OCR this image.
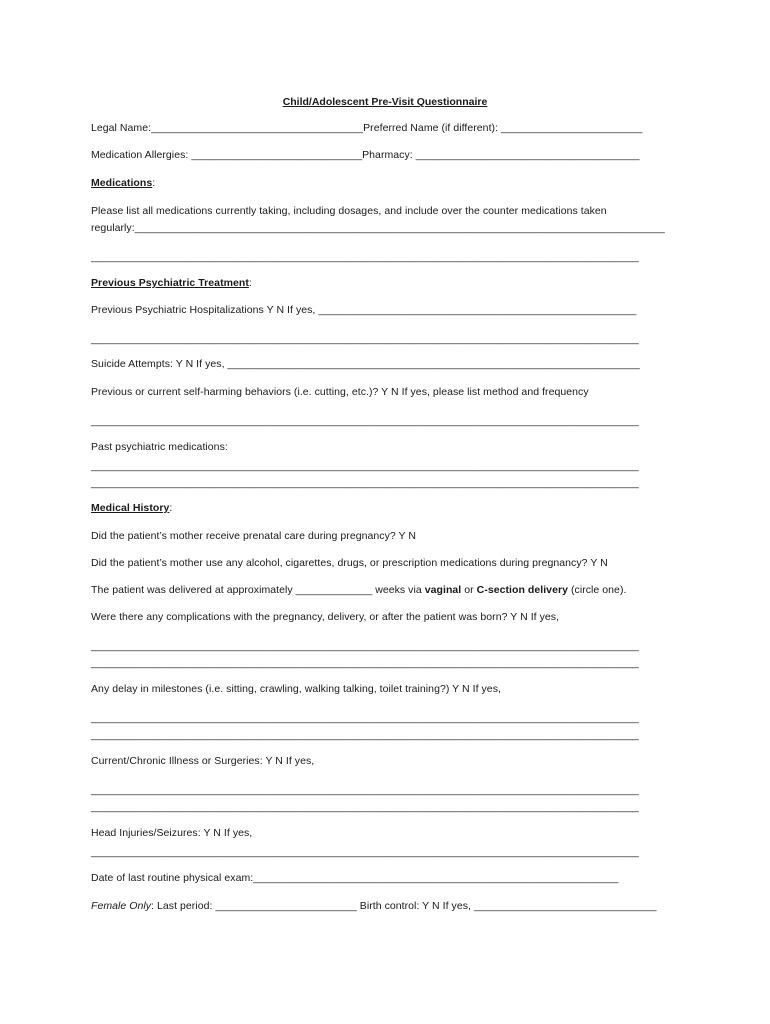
Child/Adolescent Pre-Visit Questionnaire
Legal Name:____________________________________Preferred Name (if different): ________________________
Medication Allergies: _____________________________Pharmacy: ______________________________________
Medications:
Please list all medications currently taking, including dosages, and include over the counter medications taken
regularly:__________________________________________________________________________________________
_____________________________________________________________________________________________
Previous Psychiatric Treatment:
Previous Psychiatric Hospitalizations Y N If yes, ______________________________________________________
_____________________________________________________________________________________________
Suicide Attempts: Y N If yes, ______________________________________________________________________
Previous or current self-harming behaviors (i.e. cutting, etc.)? Y N If yes, please list method and frequency
_____________________________________________________________________________________________
Past psychiatric medications:
_____________________________________________________________________________________________
_____________________________________________________________________________________________
Medical History:
Did the patient’s mother receive prenatal care during pregnancy? Y N
Did the patient’s mother use any alcohol, cigarettes, drugs, or prescription medications during pregnancy? Y N
The patient was delivered at approximately _____________ weeks via vaginal or C-section delivery (circle one).
Were there any complications with the pregnancy, delivery, or after the patient was born? Y N If yes,
_____________________________________________________________________________________________
_____________________________________________________________________________________________
Any delay in milestones (i.e. sitting, crawling, walking talking, toilet training?) Y N If yes,
_____________________________________________________________________________________________
_____________________________________________________________________________________________
Current/Chronic Illness or Surgeries: Y N If yes,
_____________________________________________________________________________________________
_____________________________________________________________________________________________
Head Injuries/Seizures: Y N If yes,
_____________________________________________________________________________________________
Date of last routine physical exam:______________________________________________________________
Female Only: Last period: ________________________ Birth control: Y N If yes, _______________________________
